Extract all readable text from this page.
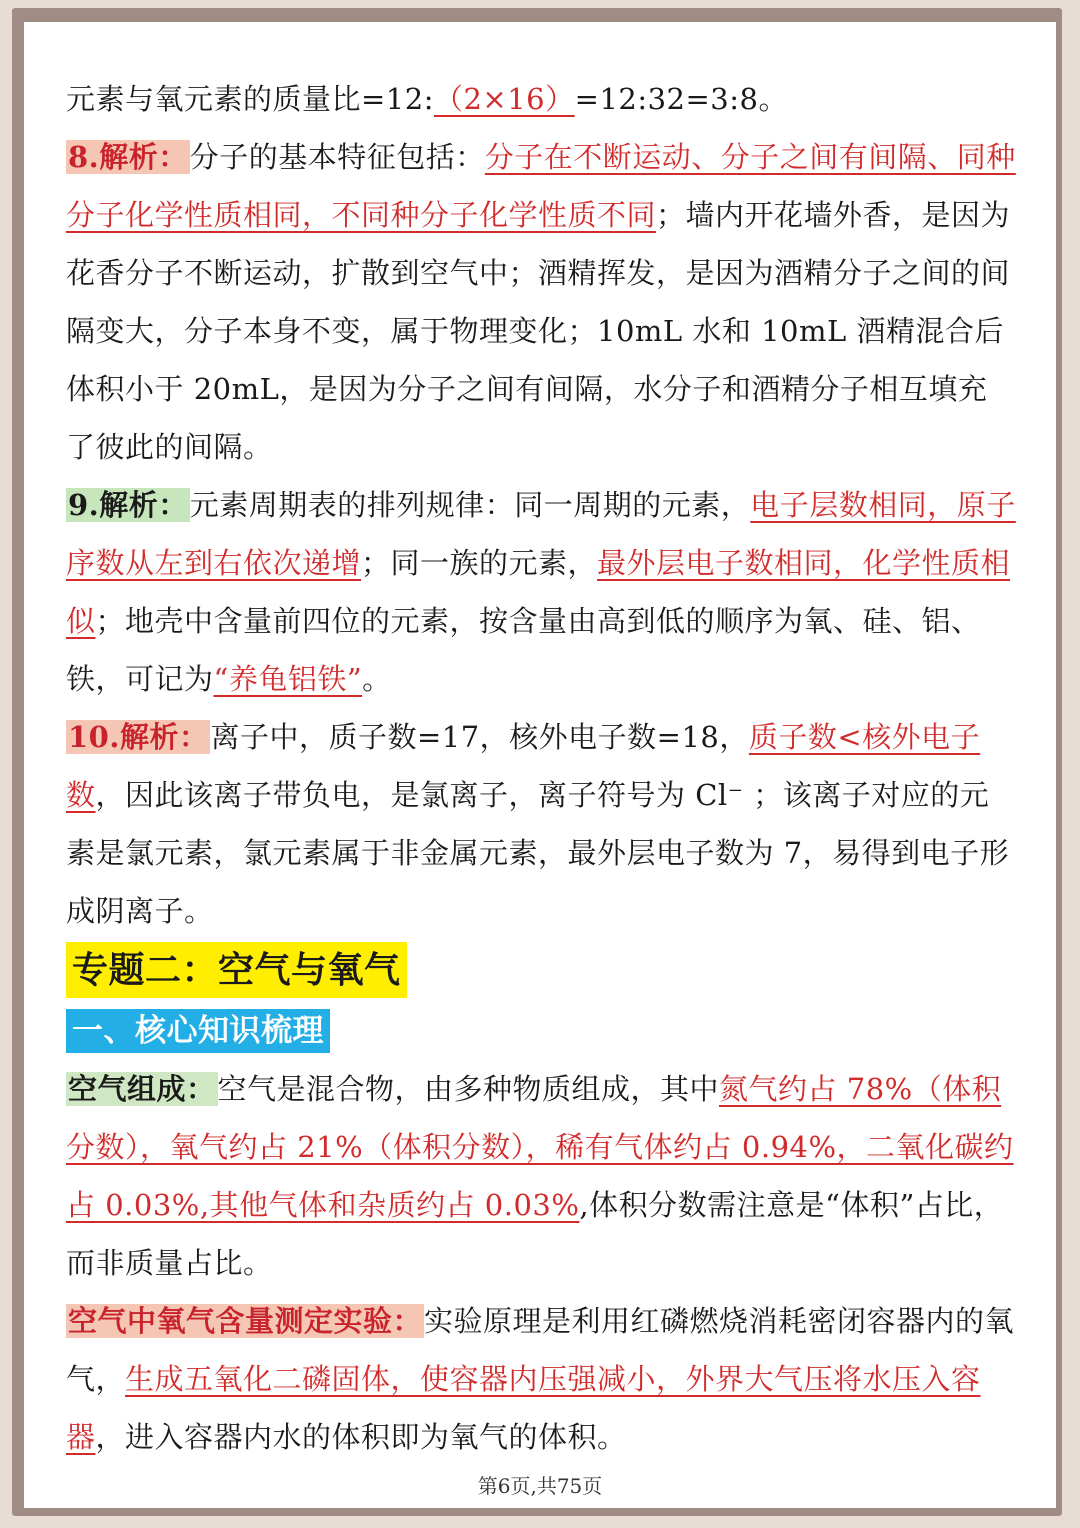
元素与氧元素的质量比=12:（2×16）=12:32=3:8。

8.解析：分子的基本特征包括：分子在不断运动、分子之间有间隔、同种分子化学性质相同，不同种分子化学性质不同；墙内开花墙外香，是因为花香分子不断运动，扩散到空气中；酒精挥发，是因为酒精分子之间的间隔变大，分子本身不变，属于物理变化；10mL 水和 10mL 酒精混合后体积小于 20mL，是因为分子之间有间隔，水分子和酒精分子相互填充了彼此的间隔。

9.解析：元素周期表的排列规律：同一周期的元素，电子层数相同，原子序数从左到右依次递增；同一族的元素，最外层电子数相同，化学性质相似；地壳中含量前四位的元素，按含量由高到低的顺序为氧、硅、铝、铁，可记为“养龟铝铁”。

10.解析：离子中，质子数=17，核外电子数=18，质子数<核外电子数，因此该离子带负电，是氯离子，离子符号为 Cl⁻ ；该离子对应的元素是氯元素，氯元素属于非金属元素，最外层电子数为 7，易得到电子形成阴离子。

专题二：空气与氧气
一、核心知识梳理

空气组成：空气是混合物，由多种物质组成，其中氮气约占 78%（体积分数），氧气约占 21%（体积分数），稀有气体约占 0.94%，二氧化碳约占 0.03%,其他气体和杂质约占 0.03%,体积分数需注意是“体积”占比，而非质量占比。

空气中氧气含量测定实验：实验原理是利用红磷燃烧消耗密闭容器内的氧气，生成五氧化二磷固体，使容器内压强减小，外界大气压将水压入容器，进入容器内水的体积即为氧气的体积。

第6页,共75页
